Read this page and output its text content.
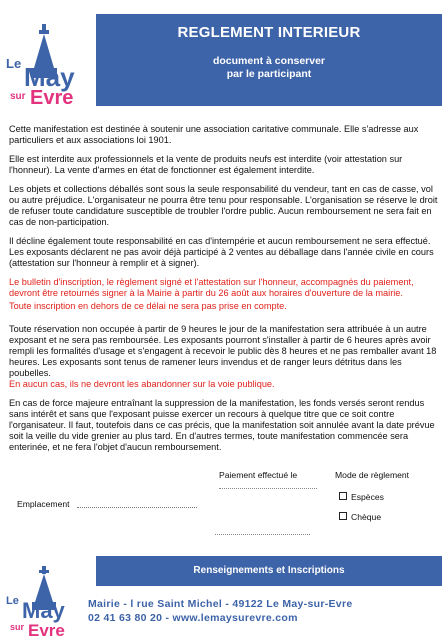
Le May
sur Evre
REGLEMENT INTERIEUR
document à conserver
par le participant

Cette manifestation est destinée à soutenir une association caritative communale. Elle s'adresse aux particuliers et aux associations loi 1901.

Elle est interdite aux professionnels et la vente de produits neufs est interdite (voir attestation sur l'honneur). La vente d'armes en état de fonctionner est également interdite.

Les objets et collections déballés sont sous la seule responsabilité du vendeur, tant en cas de casse, vol ou autre préjudice. L'organisateur ne pourra être tenu pour responsable. L'organisation se réserve le droit de refuser toute candidature susceptible de troubler l'ordre public. Aucun remboursement ne sera fait en cas de non-participation.

Il décline également toute responsabilité en cas d'intempérie et aucun remboursement ne sera effectué. Les exposants déclarent ne pas avoir déjà participé à 2 ventes au déballage dans l'année civile en cours (attestation sur l'honneur à remplir et à signer).

Le bulletin d'inscription, le règlement signé et l'attestation sur l'honneur, accompagnés du paiement, devront être retournés signer à la Mairie à partir du 26 août aux horaires d'ouverture de la mairie.

Toute inscription en dehors de ce délai ne sera pas prise en compte.

Toute réservation non occupée à partir de 9 heures le jour de la manifestation sera attribuée à un autre exposant et ne sera pas remboursée. Les exposants pourront s'installer à partir de 6 heures après avoir rempli les formalités d'usage et s'engagent à recevoir le public dès 8 heures et ne pas remballer avant 18 heures. Les exposants sont tenus de ramener leurs invendus et de ranger leurs détritus dans les poubelles.

En aucun cas, ils ne devront les abandonner sur la voie publique.

En cas de force majeure entraînant la suppression de la manifestation, les fonds versés seront rendus sans intérêt et sans que l'exposant puisse exercer un recours à quelque titre que ce soit contre l'organisateur. Il faut, toutefois dans ce cas précis, que la manifestation soit annulée avant la date prévue soit la veille du vide grenier au plus tard. En d'autres termes, toute manifestation commencée sera enterinée, et ne fera l'objet d'aucun remboursement.

Paiement effectué le	Mode de règlement
Emplacement
Espèces
Chèque
Le May
sur Evre
Renseignements et Inscriptions
Mairie - l rue Saint Michel - 49122 Le May-sur-Evre
02 41 63 80 20 - www.lemaysurevre.com
